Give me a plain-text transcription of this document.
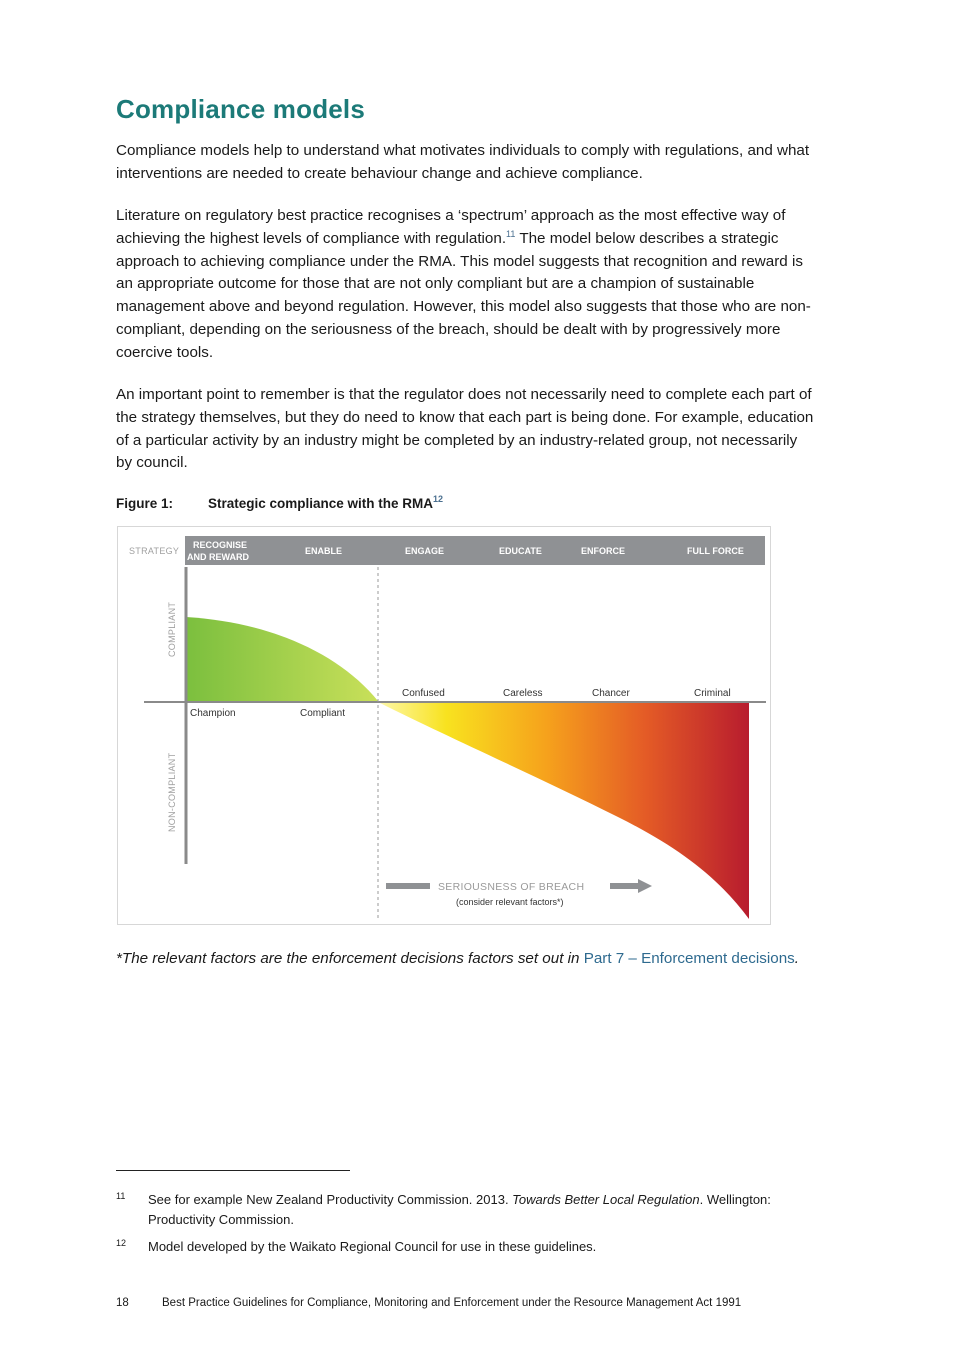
Compliance models

Compliance models help to understand what motivates individuals to comply with regulations, and what interventions are needed to create behaviour change and achieve compliance.

Literature on regulatory best practice recognises a ‘spectrum’ approach as the most effective way of achieving the highest levels of compliance with regulation.$^{11}$ The model below describes a strategic approach to achieving compliance under the RMA. This model suggests that recognition and reward is an appropriate outcome for those that are not only compliant but are a champion of sustainable management above and beyond regulation. However, this model also suggests that those who are non-compliant, depending on the seriousness of the breach, should be dealt with by progressively more coercive tools.

An important point to remember is that the regulator does not necessarily need to complete each part of the strategy themselves, but they do need to know that each part is being done. For example, education of a particular activity by an industry might be completed by an industry-related group, not necessarily by council.

Figure 1:	Strategic compliance with the RMA$^{12}$
STRATEGY
RECOGNISE
AND REWARD
ENABLE	ENGAGE	EDUCATE	ENFORCE	FULL FORCE
COMPLIANT
NON-COMPLIANT
Champion	Compliant
Confused	Careless	Chancer	Criminal
SERIOUSNESS OF BREACH
(consider relevant factors*)
*The relevant factors are the enforcement decisions factors set out in Part 7 – Enforcement decisions.
11 See for example New Zealand Productivity Commission. 2013. Towards Better Local Regulation. Wellington: Productivity Commission.
12 Model developed by the Waikato Regional Council for use in these guidelines.
18	Best Practice Guidelines for Compliance, Monitoring and Enforcement under the Resource Management Act 1991
